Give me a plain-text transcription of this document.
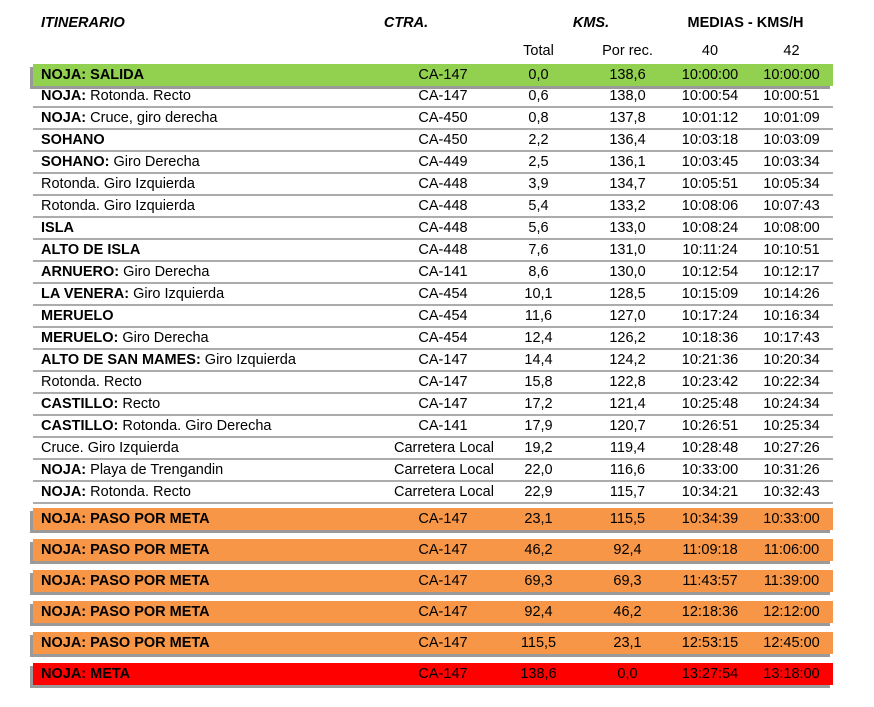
ITINERARIO	CTRA.	KMS.	MEDIAS - KMS/H
Total	Por rec.	40	42
NOJA: SALIDA	CA-147	0,0	138,6	10:00:00	10:00:00
NOJA: Rotonda. Recto	CA-147	0,6	138,0	10:00:54	10:00:51
NOJA: Cruce, giro derecha	CA-450	0,8	137,8	10:01:12	10:01:09
SOHANO	CA-450	2,2	136,4	10:03:18	10:03:09
SOHANO: Giro Derecha	CA-449	2,5	136,1	10:03:45	10:03:34
Rotonda. Giro Izquierda	CA-448	3,9	134,7	10:05:51	10:05:34
Rotonda. Giro Izquierda	CA-448	5,4	133,2	10:08:06	10:07:43
ISLA	CA-448	5,6	133,0	10:08:24	10:08:00
ALTO DE ISLA	CA-448	7,6	131,0	10:11:24	10:10:51
ARNUERO: Giro Derecha	CA-141	8,6	130,0	10:12:54	10:12:17
LA VENERA: Giro Izquierda	CA-454	10,1	128,5	10:15:09	10:14:26
MERUELO	CA-454	11,6	127,0	10:17:24	10:16:34
MERUELO: Giro Derecha	CA-454	12,4	126,2	10:18:36	10:17:43
ALTO DE SAN MAMES: Giro Izquierda	CA-147	14,4	124,2	10:21:36	10:20:34
Rotonda. Recto	CA-147	15,8	122,8	10:23:42	10:22:34
CASTILLO: Recto	CA-147	17,2	121,4	10:25:48	10:24:34
CASTILLO: Rotonda. Giro Derecha	CA-141	17,9	120,7	10:26:51	10:25:34
Cruce. Giro Izquierda	Carretera Local	19,2	119,4	10:28:48	10:27:26
NOJA: Playa de Trengandin	Carretera Local	22,0	116,6	10:33:00	10:31:26
NOJA: Rotonda. Recto	Carretera Local	22,9	115,7	10:34:21	10:32:43
NOJA: PASO POR META	CA-147	23,1	115,5	10:34:39	10:33:00
NOJA: PASO POR META	CA-147	46,2	92,4	11:09:18	11:06:00
NOJA: PASO POR META	CA-147	69,3	69,3	11:43:57	11:39:00
NOJA: PASO POR META	CA-147	92,4	46,2	12:18:36	12:12:00
NOJA: PASO POR META	CA-147	115,5	23,1	12:53:15	12:45:00
NOJA: META	CA-147	138,6	0,0	13:27:54	13:18:00
